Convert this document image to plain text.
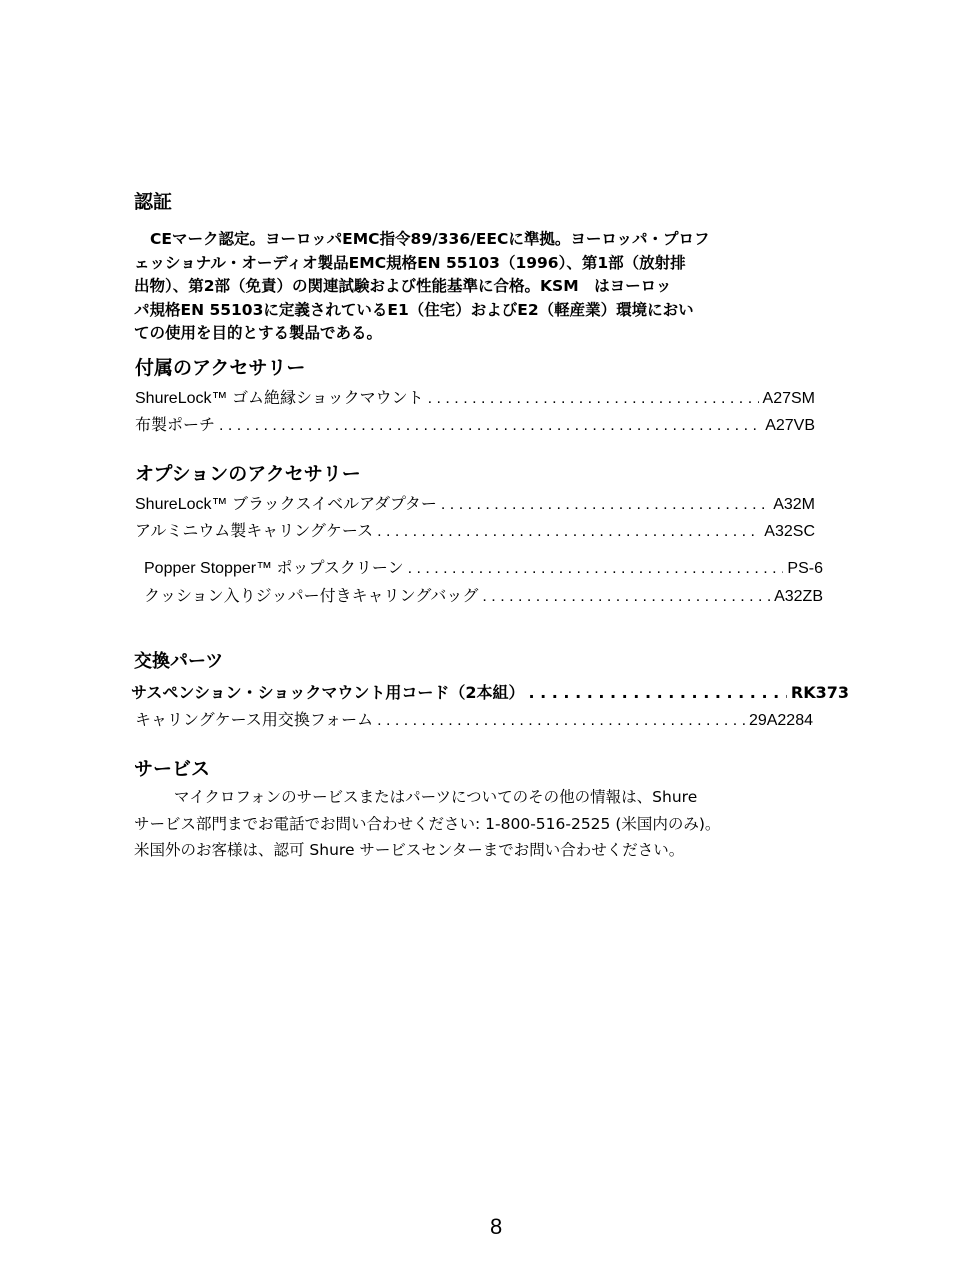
認証
CEマーク認定。ヨーロッパEMC指令89/336/EECに準拠。ヨーロッパ・プロフ
ェッショナル・オーディオ製品EMC規格EN 55103（1996）、第1部（放射排
出物）、第2部（免責）の関連試験および性能基準に合格。KSM　はヨーロッ
パ規格EN 55103に定義されているE1（住宅）およびE2（軽産業）環境におい
ての使用を目的とする製品である。
付属のアクセサリー
ShureLock™ ゴム絶縁ショックマウント . . .	A27SM
布製ポーチ . . .	A27VB
オプションのアクセサリー
ShureLock™ ブラックスイベルアダプター . . .	A32M
アルミニウム製キャリングケース . . .	A32SC
Popper Stopper™ ポップスクリーン . . .	PS-6
クッション入りジッパー付きキャリングバッグ . . .	A32ZB
交換パーツ
サスペンション・ショックマウント用コード（2本組） . . .	RK373
キャリングケース用交換フォーム . . .	29A2284
サービス
マイクロフォンのサービスまたはパーツについてのその他の情報は、Shure
サービス部門までお電話でお問い合わせください: 1-800-516-2525 (米国内のみ)。
米国外のお客様は、認可 Shure サービスセンターまでお問い合わせください。
8
